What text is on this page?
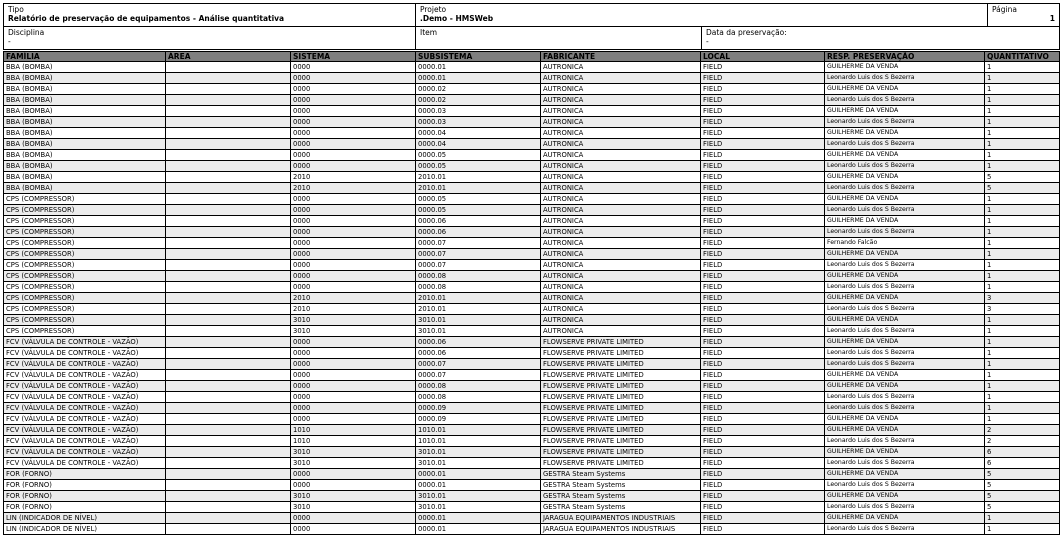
Tipo
Relatório de preservação de equipamentos - Análise quantitativa

Projeto
.Demo - HMSWeb

Página
1
Disciplina
-

Item	Data da preservação:
-
FAMÍLIA	ÁREA	SISTEMA	SUBSISTEMA	FABRICANTE	LOCAL	RESP. PRESERVAÇÃO	QUANTITATIVO
BBA (BOMBA)		0000	0000.01	AUTRONICA	FIELD	GUILHERME DA VENDA	1
BBA (BOMBA)		0000	0000.01	AUTRONICA	FIELD	Leonardo Luis dos S Bezerra	1
BBA (BOMBA)		0000	0000.02	AUTRONICA	FIELD	GUILHERME DA VENDA	1
BBA (BOMBA)		0000	0000.02	AUTRONICA	FIELD	Leonardo Luis dos S Bezerra	1
BBA (BOMBA)		0000	0000.03	AUTRONICA	FIELD	GUILHERME DA VENDA	1
BBA (BOMBA)		0000	0000.03	AUTRONICA	FIELD	Leonardo Luis dos S Bezerra	1
BBA (BOMBA)		0000	0000.04	AUTRONICA	FIELD	GUILHERME DA VENDA	1
BBA (BOMBA)		0000	0000.04	AUTRONICA	FIELD	Leonardo Luis dos S Bezerra	1
BBA (BOMBA)		0000	0000.05	AUTRONICA	FIELD	GUILHERME DA VENDA	1
BBA (BOMBA)		0000	0000.05	AUTRONICA	FIELD	Leonardo Luis dos S Bezerra	1
BBA (BOMBA)		2010	2010.01	AUTRONICA	FIELD	GUILHERME DA VENDA	5
BBA (BOMBA)		2010	2010.01	AUTRONICA	FIELD	Leonardo Luis dos S Bezerra	5
CPS (COMPRESSOR)		0000	0000.05	AUTRONICA	FIELD	GUILHERME DA VENDA	1
CPS (COMPRESSOR)		0000	0000.05	AUTRONICA	FIELD	Leonardo Luis dos S Bezerra	1
CPS (COMPRESSOR)		0000	0000.06	AUTRONICA	FIELD	GUILHERME DA VENDA	1
CPS (COMPRESSOR)		0000	0000.06	AUTRONICA	FIELD	Leonardo Luis dos S Bezerra	1
CPS (COMPRESSOR)		0000	0000.07	AUTRONICA	FIELD	Fernando Falcão	1
CPS (COMPRESSOR)		0000	0000.07	AUTRONICA	FIELD	GUILHERME DA VENDA	1
CPS (COMPRESSOR)		0000	0000.07	AUTRONICA	FIELD	Leonardo Luis dos S Bezerra	1
CPS (COMPRESSOR)		0000	0000.08	AUTRONICA	FIELD	GUILHERME DA VENDA	1
CPS (COMPRESSOR)		0000	0000.08	AUTRONICA	FIELD	Leonardo Luis dos S Bezerra	1
CPS (COMPRESSOR)		2010	2010.01	AUTRONICA	FIELD	GUILHERME DA VENDA	3
CPS (COMPRESSOR)		2010	2010.01	AUTRONICA	FIELD	Leonardo Luis dos S Bezerra	3
CPS (COMPRESSOR)		3010	3010.01	AUTRONICA	FIELD	GUILHERME DA VENDA	1
CPS (COMPRESSOR)		3010	3010.01	AUTRONICA	FIELD	Leonardo Luis dos S Bezerra	1
FCV (VÁLVULA DE CONTROLE - VAZÃO)		0000	0000.06	FLOWSERVE PRIVATE LIMITED	FIELD	GUILHERME DA VENDA	1
FCV (VÁLVULA DE CONTROLE - VAZÃO)		0000	0000.06	FLOWSERVE PRIVATE LIMITED	FIELD	Leonardo Luis dos S Bezerra	1
FCV (VÁLVULA DE CONTROLE - VAZÃO)		0000	0000.07	FLOWSERVE PRIVATE LIMITED	FIELD	Leonardo Luis dos S Bezerra	1
FCV (VÁLVULA DE CONTROLE - VAZÃO)		0000	0000.07	FLOWSERVE PRIVATE LIMITED	FIELD	GUILHERME DA VENDA	1
FCV (VÁLVULA DE CONTROLE - VAZÃO)		0000	0000.08	FLOWSERVE PRIVATE LIMITED	FIELD	GUILHERME DA VENDA	1
FCV (VÁLVULA DE CONTROLE - VAZÃO)		0000	0000.08	FLOWSERVE PRIVATE LIMITED	FIELD	Leonardo Luis dos S Bezerra	1
FCV (VÁLVULA DE CONTROLE - VAZÃO)		0000	0000.09	FLOWSERVE PRIVATE LIMITED	FIELD	Leonardo Luis dos S Bezerra	1
FCV (VÁLVULA DE CONTROLE - VAZÃO)		0000	0000.09	FLOWSERVE PRIVATE LIMITED	FIELD	GUILHERME DA VENDA	1
FCV (VÁLVULA DE CONTROLE - VAZÃO)		1010	1010.01	FLOWSERVE PRIVATE LIMITED	FIELD	GUILHERME DA VENDA	2
FCV (VÁLVULA DE CONTROLE - VAZÃO)		1010	1010.01	FLOWSERVE PRIVATE LIMITED	FIELD	Leonardo Luis dos S Bezerra	2
FCV (VÁLVULA DE CONTROLE - VAZÃO)		3010	3010.01	FLOWSERVE PRIVATE LIMITED	FIELD	GUILHERME DA VENDA	6
FCV (VÁLVULA DE CONTROLE - VAZÃO)		3010	3010.01	FLOWSERVE PRIVATE LIMITED	FIELD	Leonardo Luis dos S Bezerra	6
FOR (FORNO)		0000	0000.01	GESTRA Steam Systems	FIELD	GUILHERME DA VENDA	5
FOR (FORNO)		0000	0000.01	GESTRA Steam Systems	FIELD	Leonardo Luis dos S Bezerra	5
FOR (FORNO)		3010	3010.01	GESTRA Steam Systems	FIELD	GUILHERME DA VENDA	5
FOR (FORNO)		3010	3010.01	GESTRA Steam Systems	FIELD	Leonardo Luis dos S Bezerra	5
LIN (INDICADOR DE NÍVEL)		0000	0000.01	JARAGUA EQUIPAMENTOS INDUSTRIAIS	FIELD	GUILHERME DA VENDA	1
LIN (INDICADOR DE NÍVEL)		0000	0000.01	JARAGUA EQUIPAMENTOS INDUSTRIAIS	FIELD	Leonardo Luis dos S Bezerra	1
